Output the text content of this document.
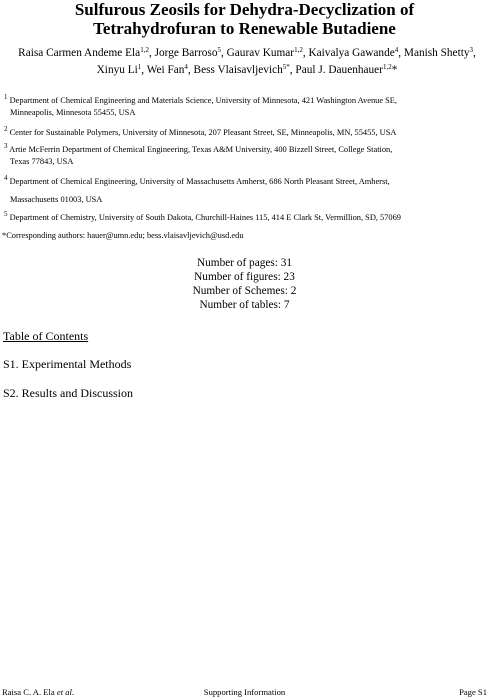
Sulfurous Zeosils for Dehydra-Decyclization of
Tetrahydrofuran to Renewable Butadiene
Raisa Carmen Andeme Ela$^{1,2}$, Jorge Barroso$^5$, Gaurav Kumar$^{1,2}$, Kaivalya Gawande$^4$, Manish Shetty$^3$, Xinyu Li$^1$, Wei Fan$^4$, Bess Vlaisavljevich$^{5*}$, Paul J. Dauenhauer$^{1,2}$*
$^1$ Department of Chemical Engineering and Materials Science, University of Minnesota, 421 Washington Avenue SE,
Minneapolis, Minnesota 55455, USA
$^2$ Center for Sustainable Polymers, University of Minnesota, 207 Pleasant Street, SE, Minneapolis, MN, 55455, USA
$^3$ Artie McFerrin Department of Chemical Engineering, Texas A&M University, 400 Bizzell Street, College Station,
Texas 77843, USA
$^4$ Department of Chemical Engineering, University of Massachusetts Amherst, 686 North Pleasant Street, Amherst,
Massachusetts 01003, USA
$^5$ Department of Chemistry, University of South Dakota, Churchill-Haines 115, 414 E Clark St, Vermillion, SD, 57069
*Corresponding authors: hauer@umn.edu; bess.vlaisavljevich@usd.edu
Number of pages: 31
Number of figures: 23
Number of Schemes: 2
Number of tables: 7
Table of Contents
S1. Experimental Methods
S2. Results and Discussion
Raisa C. A. Ela et al.	Supporting Information	Page S1
